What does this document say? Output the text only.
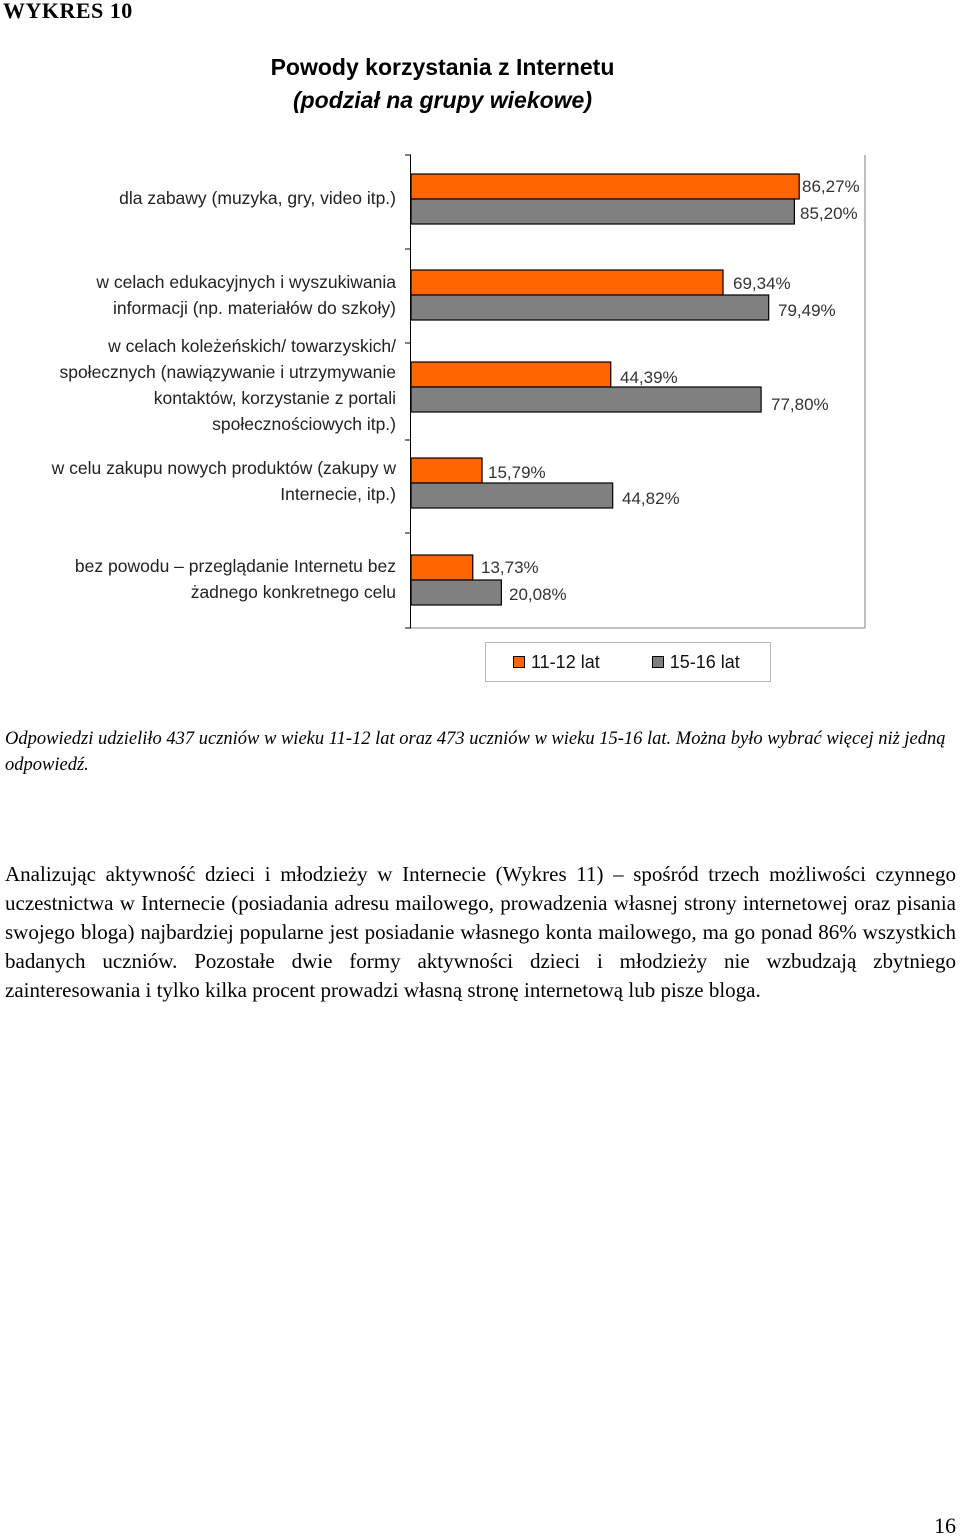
WYKRES 10
Powody korzystania z Internetu
(podział na grupy wiekowe)
86,27%
69,34%
44,39%
15,79%
13,73%
85,20%
79,49%
77,80%
44,82%
20,08%
dla zabawy (muzyka, gry, video itp.)
w celach edukacyjnych i wyszukiwania
informacji (np. materiałów do szkoły)
w celach koleżeńskich/ towarzyskich/
społecznych (nawiązywanie i utrzymywanie
kontaktów, korzystanie z portali
społecznościowych itp.)
w celu zakupu nowych produktów (zakupy w
Internecie, itp.)
bez powodu – przeglądanie Internetu bez
żadnego konkretnego celu
11-12 lat	15-16 lat

Odpowiedzi udzieliło 437 uczniów w wieku 11-12 lat oraz 473 uczniów w wieku 15-16 lat. Można było wybrać więcej niż jedną odpowiedź.

Analizując aktywność dzieci i młodzieży w Internecie (Wykres 11) – spośród trzech możliwości czynnego uczestnictwa w Internecie (posiadania adresu mailowego, prowadzenia własnej strony internetowej oraz pisania swojego bloga) najbardziej popularne jest posiadanie własnego konta mailowego, ma go ponad 86% wszystkich badanych uczniów. Pozostałe dwie formy aktywności dzieci i młodzieży nie wzbudzają zbytniego zainteresowania i tylko kilka procent prowadzi własną stronę internetową lub pisze bloga.

16
